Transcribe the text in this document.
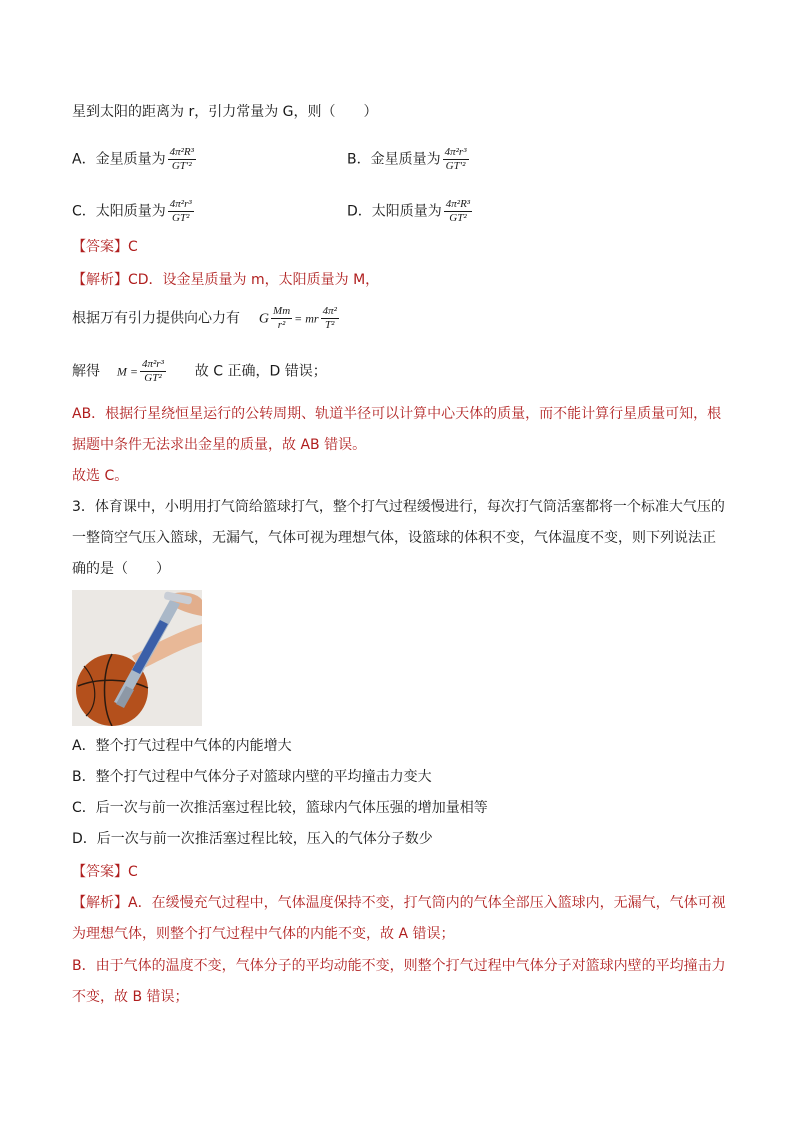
星到太阳的距离为 r，引力常量为 G，则（　　）
A．金星质量为 $\frac{\text{4π²R³}}{\text{GT′²}}$	B．金星质量为 $\frac{\text{4π²r³}}{\text{GT′²}}$
C．太阳质量为 $\frac{\text{4π²r³}}{\text{GT²}}$	D．太阳质量为 $\frac{\text{4π²R³}}{\text{GT²}}$
【答案】C
【解析】CD．设金星质量为 m，太阳质量为 M，
根据万有引力提供向心力有 G $\frac{Mm}{\text{r²}}$ = mr $\frac{\text{4π²}}{\text{T²}}$
解得 $M = \frac{\text{4π²r³}}{\text{GT²}}$ 故 C 正确，D 错误；
AB．根据行星绕恒星运行的公转周期、轨道半径可以计算中心天体的质量，而不能计算行星质量可知，根
据题中条件无法求出金星的质量，故 AB 错误。
故选 C。
3．体育课中，小明用打气筒给篮球打气，整个打气过程缓慢进行，每次打气筒活塞都将一个标准大气压的
一整筒空气压入篮球，无漏气，气体可视为理想气体，设篮球的体积不变，气体温度不变，则下列说法正
确的是（　　）
A．整个打气过程中气体的内能增大
B．整个打气过程中气体分子对篮球内壁的平均撞击力变大
C．后一次与前一次推活塞过程比较，篮球内气体压强的增加量相等
D．后一次与前一次推活塞过程比较，压入的气体分子数少
【答案】C
【解析】A．在缓慢充气过程中，气体温度保持不变，打气筒内的气体全部压入篮球内，无漏气，气体可视
为理想气体，则整个打气过程中气体的内能不变，故 A 错误；
B．由于气体的温度不变，气体分子的平均动能不变，则整个打气过程中气体分子对篮球内壁的平均撞击力
不变，故 B 错误；
